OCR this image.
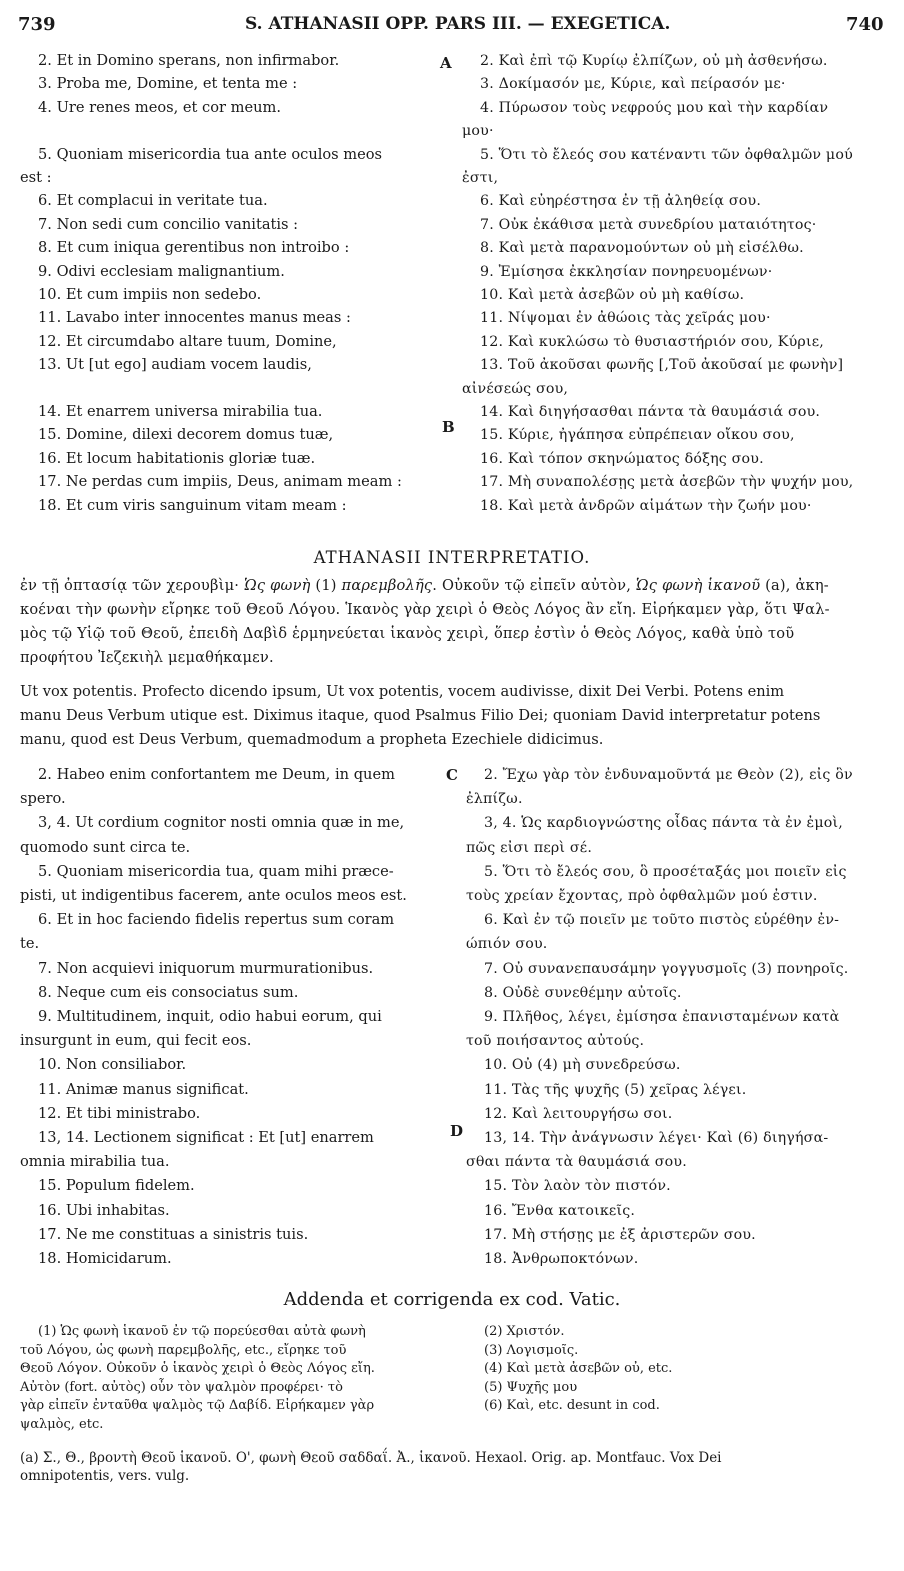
739	S. ATHANASII OPP. PARS III. — EXEGETICA.	740
A
B
C
D
2. Et in Domino sperans, non infirmabor.
3. Proba me, Domine, et tenta me :
4. Ure renes meos, et cor meum.
5. Quoniam misericordia tua ante oculos meos
est :
6. Et complacui in veritate tua.
7. Non sedi cum concilio vanitatis :
8. Et cum iniqua gerentibus non introibo :
9. Odivi ecclesiam malignantium.
10. Et cum impiis non sedebo.
11. Lavabo inter innocentes manus meas :
12. Et circumdabo altare tuum, Domine,
13. Ut [ut ego] audiam vocem laudis,
14. Et enarrem universa mirabilia tua.
15. Domine, dilexi decorem domus tuæ,
16. Et locum habitationis gloriæ tuæ.
17. Ne perdas cum impiis, Deus, animam meam :
18. Et cum viris sanguinum vitam meam :
2. Καὶ ἐπὶ τῷ Κυρίῳ ἐλπίζων, οὐ μὴ ἀσθενήσω.
3. Δοκίμασόν με, Κύριε, καὶ πείρασόν με·
4. Πύρωσον τοὺς νεφρούς μου καὶ τὴν καρδίαν
μου·
5. Ὅτι τὸ ἔλεός σου κατέναντι τῶν ὀφθαλμῶν μού
ἐστι,
6. Καὶ εὐηρέστησα ἐν τῇ ἀληθείᾳ σου.
7. Οὐκ ἐκάθισα μετὰ συνεδρίου ματαιότητος·
8. Καὶ μετὰ παρανομούντων οὐ μὴ εἰσέλθω.
9. Ἐμίσησα ἐκκλησίαν πονηρευομένων·
10. Καὶ μετὰ ἀσεβῶν οὐ μὴ καθίσω.
11. Νίψομαι ἐν ἀθώοις τὰς χεῖράς μου·
12. Καὶ κυκλώσω τὸ θυσιαστήριόν σου, Κύριε,
13. Τοῦ ἀκοῦσαι φωνῆς [,Τοῦ ἀκοῦσαί με φωνὴν]
αἰνέσεώς σου,
14. Καὶ διηγήσασθαι πάντα τὰ θαυμάσιά σου.
15. Κύριε, ἠγάπησα εὐπρέπειαν οἴκου σου,
16. Καὶ τόπον σκηνώματος δόξης σου.
17. Μὴ συναπολέσῃς μετὰ ἀσεβῶν τὴν ψυχήν μου,
18. Καὶ μετὰ ἀνδρῶν αἱμάτων τὴν ζωήν μου·
ATHANASII INTERPRETATIO.
ἐν τῇ ὀπτασίᾳ τῶν χερουβὶμ· Ὡς φωνὴ (1) παρεμβολῆς. Οὐκοῦν τῷ εἰπεῖν αὐτὸν, Ὡς φωνὴ ἱκανοῦ (a), ἀκη-
κοέναι τὴν φωνὴν εἴρηκε τοῦ Θεοῦ Λόγου. Ἱκανὸς γὰρ χειρὶ ὁ Θεὸς Λόγος ἂν εἴη. Εἰρήκαμεν γὰρ, ὅτι Ψαλ-
μὸς τῷ Υἱῷ τοῦ Θεοῦ, ἐπειδὴ Δαβὶδ ἑρμηνεύεται ἱκανὸς χειρὶ, ὅπερ ἐστὶν ὁ Θεὸς Λόγος, καθὰ ὑπὸ τοῦ
προφήτου Ἰεζεκιὴλ μεμαθήκαμεν.
Ut vox potentis. Profecto dicendo ipsum, Ut vox potentis, vocem audivisse, dixit Dei Verbi. Potens enim
manu Deus Verbum utique est. Diximus itaque, quod Psalmus Filio Dei; quoniam David interpretatur potens
manu, quod est Deus Verbum, quemadmodum a propheta Ezechiele didicimus.
2. Habeo enim confortantem me Deum, in quem
spero.
3, 4. Ut cordium cognitor nosti omnia quæ in me,
quomodo sunt circa te.
5. Quoniam misericordia tua, quam mihi præce-
pisti, ut indigentibus facerem, ante oculos meos est.
6. Et in hoc faciendo fidelis repertus sum coram
te.
7. Non acquievi iniquorum murmurationibus.
8. Neque cum eis consociatus sum.
9. Multitudinem, inquit, odio habui eorum, qui
insurgunt in eum, qui fecit eos.
10. Non consiliabor.
11. Animæ manus significat.
12. Et tibi ministrabo.
13, 14. Lectionem significat : Et [ut] enarrem
omnia mirabilia tua.
15. Populum fidelem.
16. Ubi inhabitas.
17. Ne me constituas a sinistris tuis.
18. Homicidarum.
2. Ἔχω γὰρ τὸν ἐνδυναμοῦντά με Θεὸν (2), εἰς ὃν
ἐλπίζω.
3, 4. Ὡς καρδιογνώστης οἶδας πάντα τὰ ἐν ἐμοὶ,
πῶς εἰσι περὶ σέ.
5. Ὅτι τὸ ἔλεός σου, ὃ προσέταξάς μοι ποιεῖν εἰς
τοὺς χρείαν ἔχοντας, πρὸ ὀφθαλμῶν μού ἐστιν.
6. Καὶ ἐν τῷ ποιεῖν με τοῦτο πιστὸς εὑρέθην ἐν-
ώπιόν σου.
7. Οὐ συνανεπαυσάμην γογγυσμοῖς (3) πονηροῖς.
8. Οὐδὲ συνεθέμην αὐτοῖς.
9. Πλῆθος, λέγει, ἐμίσησα ἐπανισταμένων κατὰ
τοῦ ποιήσαντος αὐτούς.
10. Οὐ (4) μὴ συνεδρεύσω.
11. Τὰς τῆς ψυχῆς (5) χεῖρας λέγει.
12. Καὶ λειτουργήσω σοι.
13, 14. Τὴν ἀνάγνωσιν λέγει· Καὶ (6) διηγήσα-
σθαι πάντα τὰ θαυμάσιά σου.
15. Τὸν λαὸν τὸν πιστόν.
16. Ἔνθα κατοικεῖς.
17. Μὴ στήσῃς με ἐξ ἀριστερῶν σου.
18. Ἀνθρωποκτόνων.
Addenda et corrigenda ex cod. Vatic.
(1) Ὡς φωνὴ ἱκανοῦ ἐν τῷ πορεύεσθαι αὐτὰ φωνὴ
τοῦ Λόγου, ὡς φωνὴ παρεμβολῆς, etc., εἴρηκε τοῦ
Θεοῦ Λόγον. Οὐκοῦν ὁ ἱκανὸς χειρὶ ὁ Θεὸς Λόγος εἴη.
Αὐτὸν (fort. αὐτὸς) οὖν τὸν ψαλμὸν προφέρει· τὸ
γὰρ εἰπεῖν ἐνταῦθα ψαλμὸς τῷ Δαβίδ. Εἰρήκαμεν γὰρ
ψαλμὸς, etc.
(2) Χριστόν.
(3) Λογισμοῖς.
(4) Καὶ μετὰ ἀσεβῶν οὐ, etc.
(5) Ψυχῆς μου
(6) Καὶ, etc. desunt in cod.
(a) Σ., Θ., βροντὴ Θεοῦ ἱκανοῦ. Ο', φωνὴ Θεοῦ σαδδαΐ. Ἀ., ἱκανοῦ. Hexaol. Orig. ap. Montfauc. Vox Dei
omnipotentis, vers. vulg.
